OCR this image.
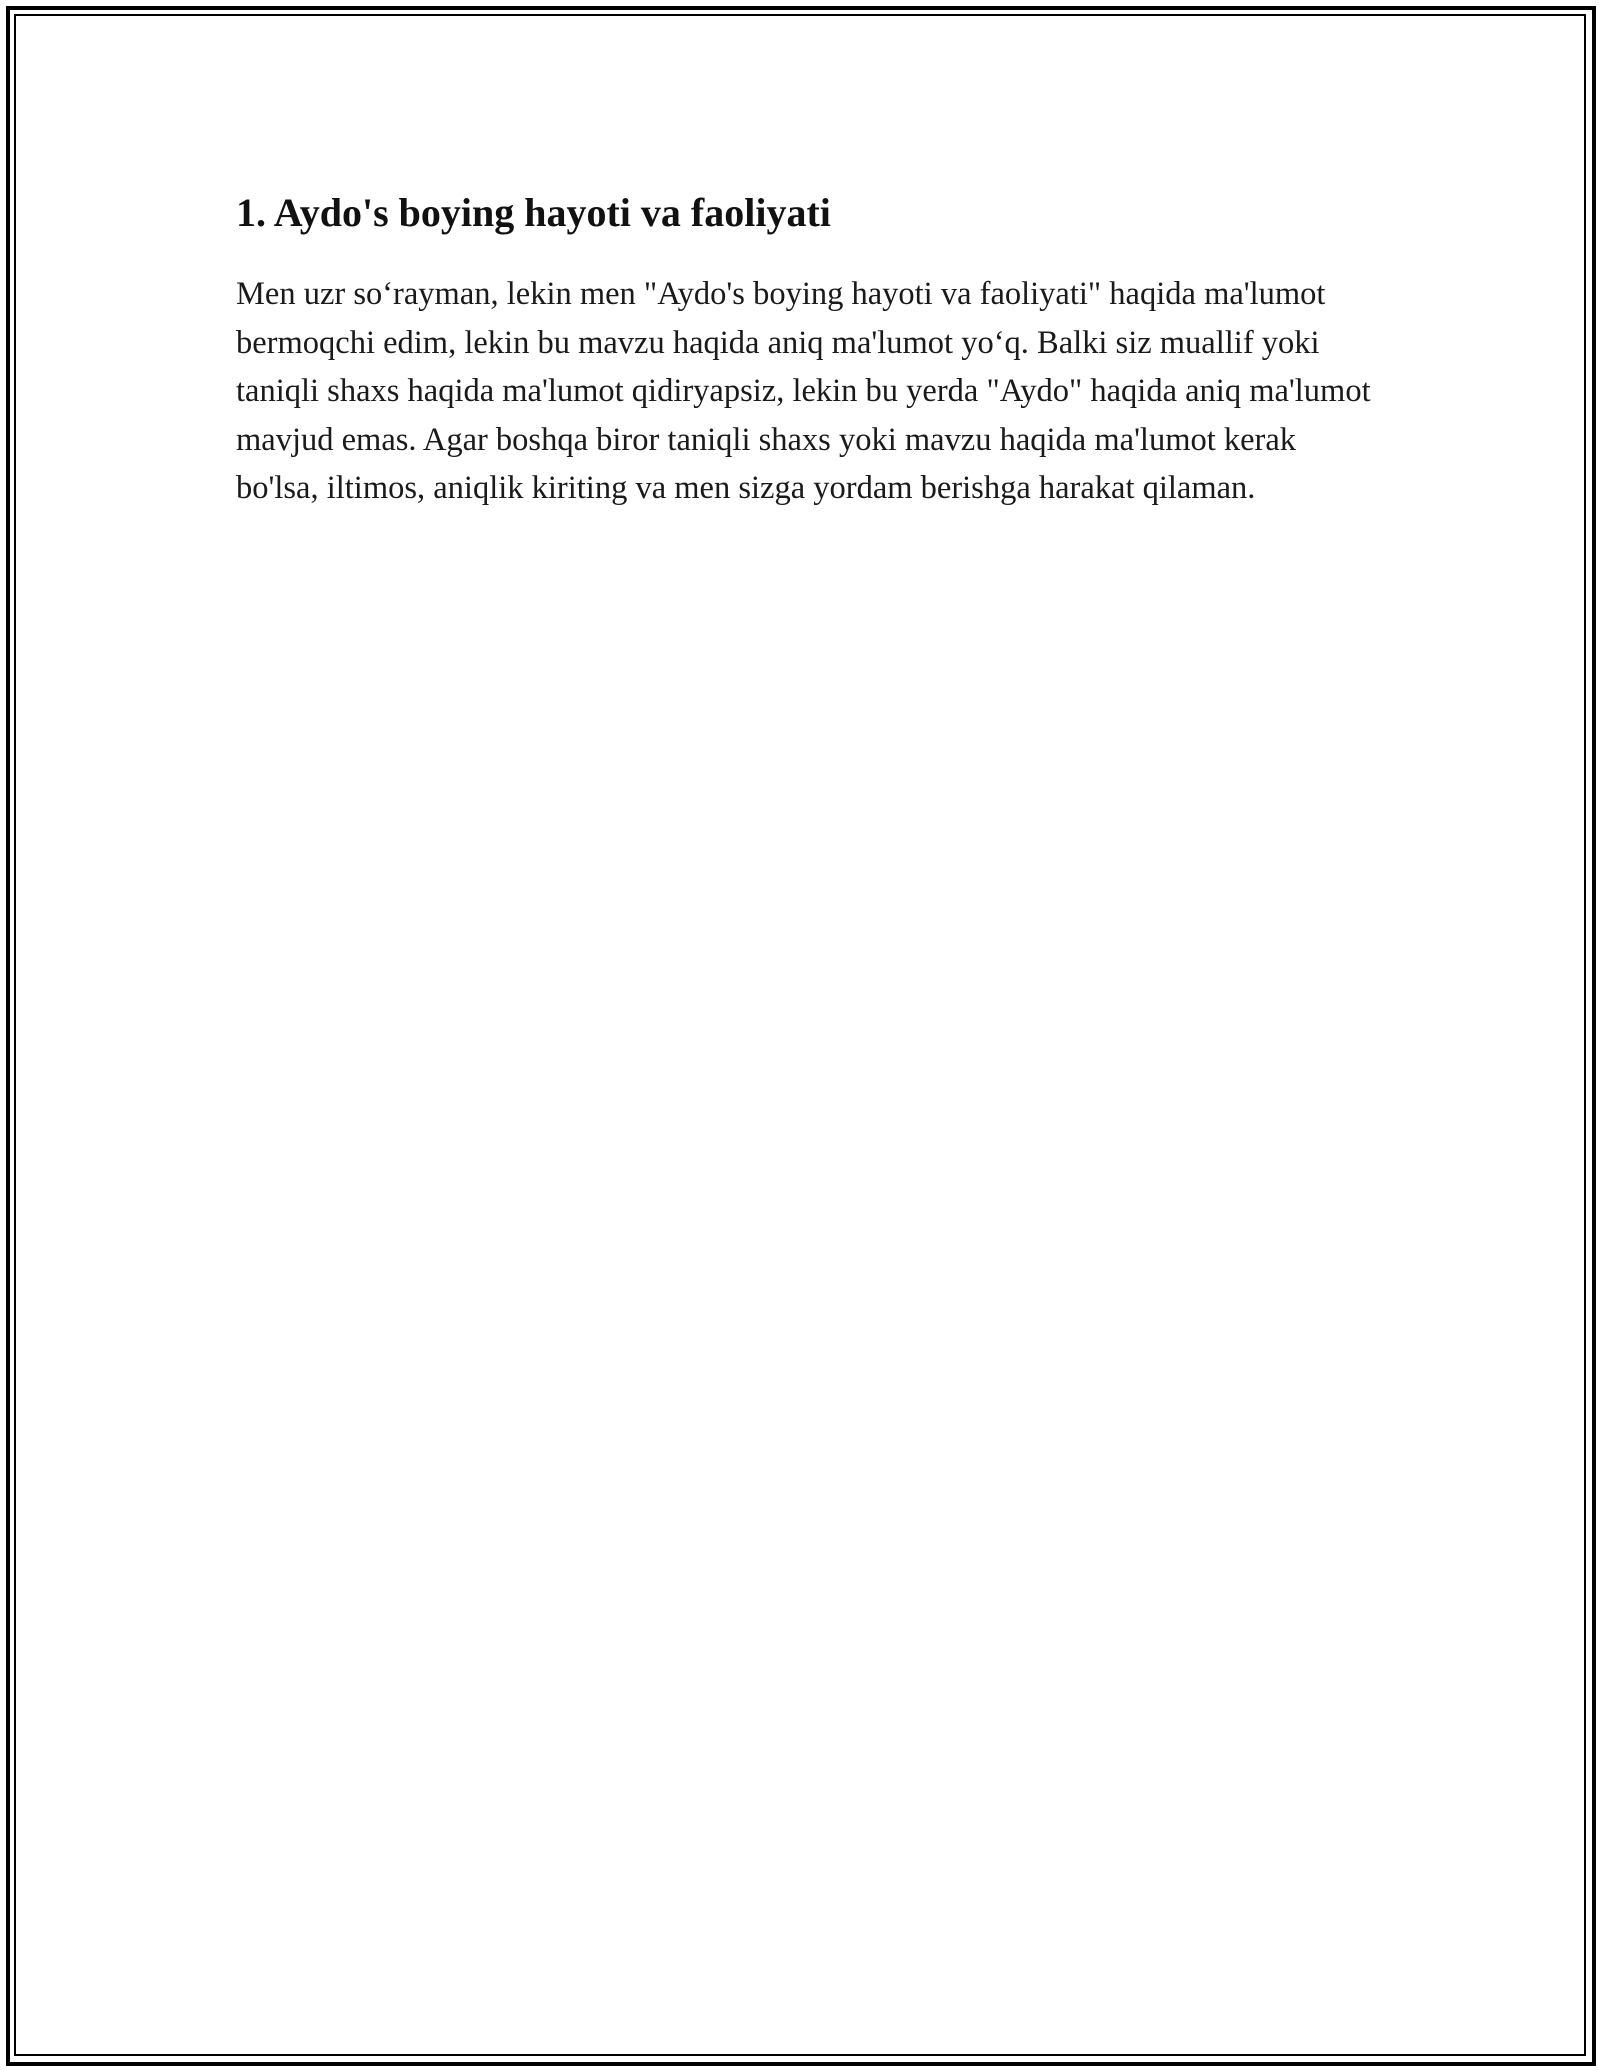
1. Aydo's boying hayoti va faoliyati

Men uzr so‘rayman, lekin men "Aydo's boying hayoti va faoliyati" haqida ma'lumot bermoqchi edim, lekin bu mavzu haqida aniq ma'lumot yo‘q. Balki siz muallif yoki taniqli shaxs haqida ma'lumot qidiryapsiz, lekin bu yerda "Aydo" haqida aniq ma'lumot mavjud emas. Agar boshqa biror taniqli shaxs yoki mavzu haqida ma'lumot kerak bo'lsa, iltimos, aniqlik kiriting va men sizga yordam berishga harakat qilaman.
